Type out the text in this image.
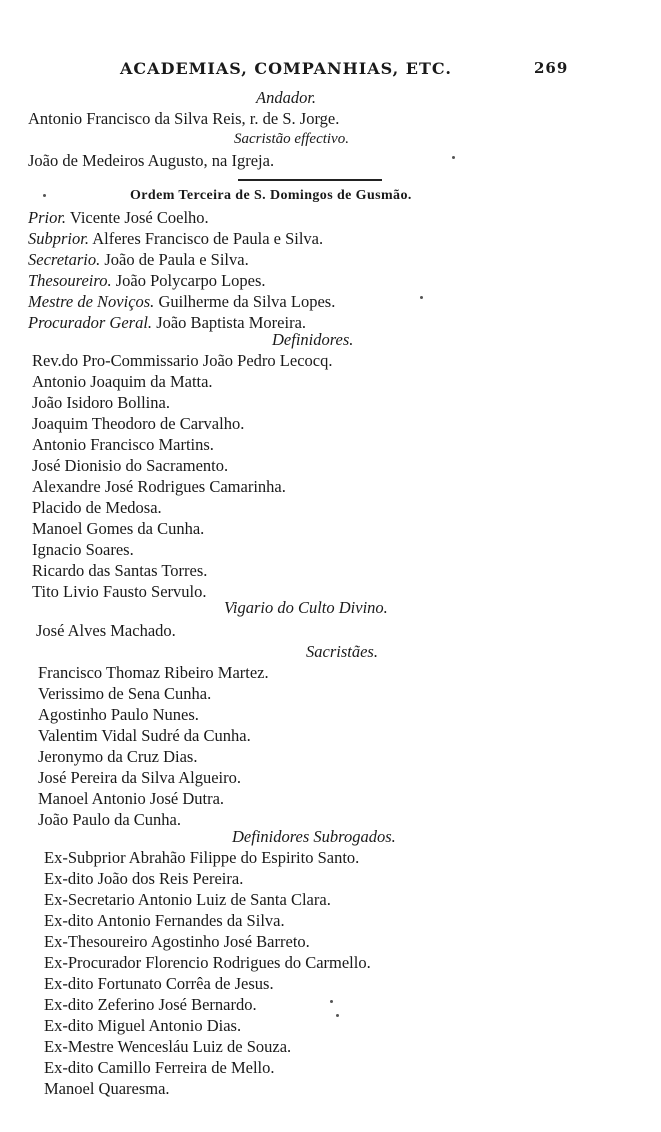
ACADEMIAS, COMPANHIAS, ETC.	269
Andador.
Antonio Francisco da Silva Reis, r. de S. Jorge.
Sacristão effectivo.
João de Medeiros Augusto, na Igreja.
Ordem Terceira de S. Domingos de Gusmão.
Prior. Vicente José Coelho.
Subprior. Alferes Francisco de Paula e Silva.
Secretario. João de Paula e Silva.
Thesoureiro. João Polycarpo Lopes.
Mestre de Noviços. Guilherme da Silva Lopes.
Procurador Geral. João Baptista Moreira.
Definidores.
Rev.do Pro-Commissario João Pedro Lecocq.
Antonio Joaquim da Matta.
João Isidoro Bollina.
Joaquim Theodoro de Carvalho.
Antonio Francisco Martins.
José Dionisio do Sacramento.
Alexandre José Rodrigues Camarinha.
Placido de Medosa.
Manoel Gomes da Cunha.
Ignacio Soares.
Ricardo das Santas Torres.
Tito Livio Fausto Servulo.
Vigario do Culto Divino.
José Alves Machado.
Sacristães.
Francisco Thomaz Ribeiro Martez.
Verissimo de Sena Cunha.
Agostinho Paulo Nunes.
Valentim Vidal Sudré da Cunha.
Jeronymo da Cruz Dias.
José Pereira da Silva Algueiro.
Manoel Antonio José Dutra.
João Paulo da Cunha.
Definidores Subrogados.
Ex-Subprior Abrahão Filippe do Espirito Santo.
Ex-dito João dos Reis Pereira.
Ex-Secretario Antonio Luiz de Santa Clara.
Ex-dito Antonio Fernandes da Silva.
Ex-Thesoureiro Agostinho José Barreto.
Ex-Procurador Florencio Rodrigues do Carmello.
Ex-dito Fortunato Corrêa de Jesus.
Ex-dito Zeferino José Bernardo.
Ex-dito Miguel Antonio Dias.
Ex-Mestre Wencesláu Luiz de Souza.
Ex-dito Camillo Ferreira de Mello.
Manoel Quaresma.
